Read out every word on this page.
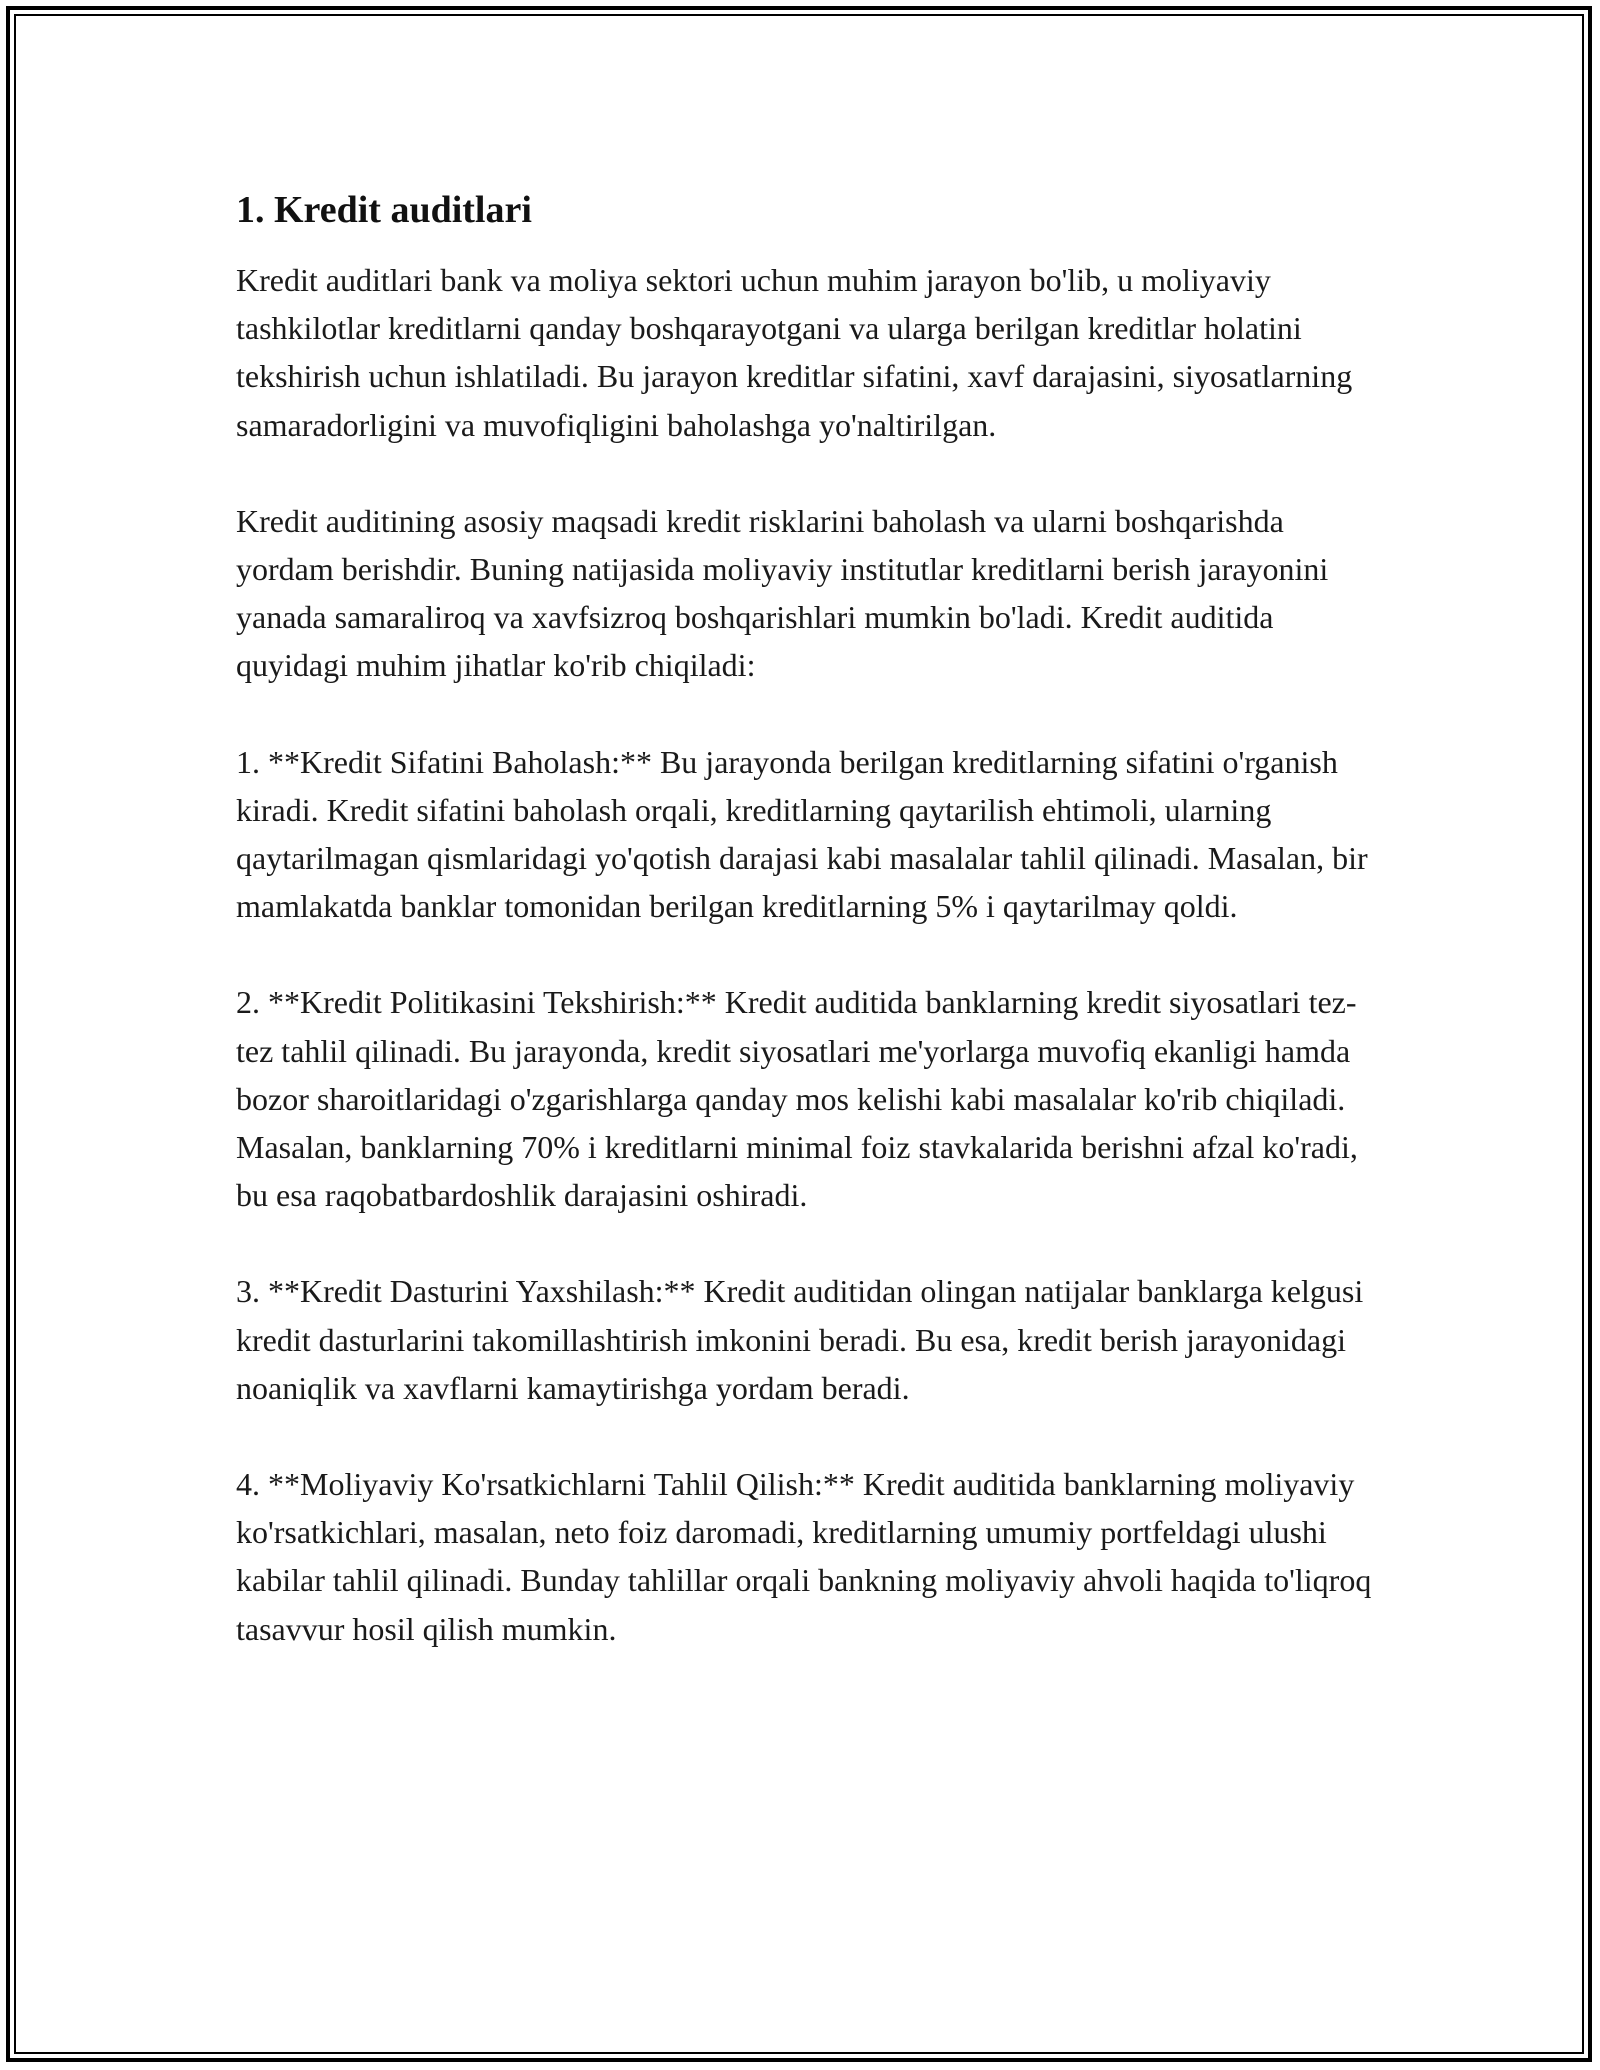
1. Kredit auditlari

Kredit auditlari bank va moliya sektori uchun muhim jarayon bo'lib, u moliyaviy tashkilotlar kreditlarni qanday boshqarayotgani va ularga berilgan kreditlar holatini tekshirish uchun ishlatiladi. Bu jarayon kreditlar sifatini, xavf darajasini, siyosatlarning samaradorligini va muvofiqligini baholashga yo'naltirilgan.

Kredit auditining asosiy maqsadi kredit risklarini baholash va ularni boshqarishda yordam berishdir. Buning natijasida moliyaviy institutlar kreditlarni berish jarayonini yanada samaraliroq va xavfsizroq boshqarishlari mumkin bo'ladi. Kredit auditida quyidagi muhim jihatlar ko'rib chiqiladi:

1. **Kredit Sifatini Baholash:** Bu jarayonda berilgan kreditlarning sifatini o'rganish kiradi. Kredit sifatini baholash orqali, kreditlarning qaytarilish ehtimoli, ularning qaytarilmagan qismlaridagi yo'qotish darajasi kabi masalalar tahlil qilinadi. Masalan, bir mamlakatda banklar tomonidan berilgan kreditlarning 5% i qaytarilmay qoldi.

2. **Kredit Politikasini Tekshirish:** Kredit auditida banklarning kredit siyosatlari tez-tez tahlil qilinadi. Bu jarayonda, kredit siyosatlari me'yorlarga muvofiq ekanligi hamda bozor sharoitlaridagi o'zgarishlarga qanday mos kelishi kabi masalalar ko'rib chiqiladi. Masalan, banklarning 70% i kreditlarni minimal foiz stavkalarida berishni afzal ko'radi, bu esa raqobatbardoshlik darajasini oshiradi.

3. **Kredit Dasturini Yaxshilash:** Kredit auditidan olingan natijalar banklarga kelgusi kredit dasturlarini takomillashtirish imkonini beradi. Bu esa, kredit berish jarayonidagi noaniqlik va xavflarni kamaytirishga yordam beradi.

4. **Moliyaviy Ko'rsatkichlarni Tahlil Qilish:** Kredit auditida banklarning moliyaviy ko'rsatkichlari, masalan, neto foiz daromadi, kreditlarning umumiy portfeldagi ulushi kabilar tahlil qilinadi. Bunday tahlillar orqali bankning moliyaviy ahvoli haqida to'liqroq tasavvur hosil qilish mumkin.
